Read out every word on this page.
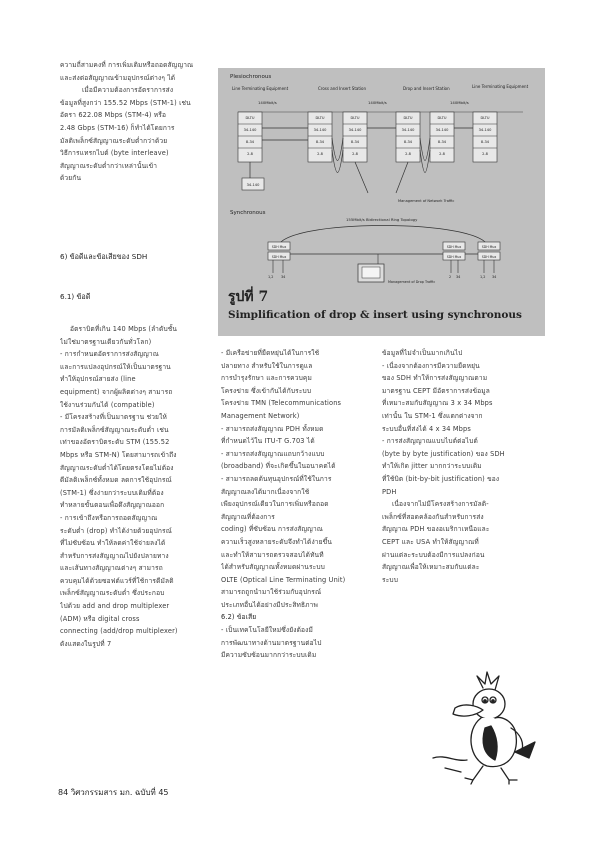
ความถี่สามคงที่ การเพิ่มเติมหรือถอดสัญญาณ

และส่งต่อสัญญาณข้ามอุปกรณ์ต่างๆ ได้

เมื่อมีความต้องการอัตราการส่ง

ข้อมูลที่สูงกว่า 155.52 Mbps (STM-1) เช่น

อัตรา 622.08 Mbps (STM-4) หรือ

2.48 Gbps (STM-16) ก็ทำได้โดยการ

มัลติเพล็กซ์สัญญาณระดับต่ำกว่าด้วย

วิธีการแทรกไบต์ (byte interleave)

สัญญาณระดับต่ำกว่าเหล่านั้นเข้า

ด้วยกัน

6) ข้อดีและข้อเสียของ SDH
6.1) ข้อดี

อัตราบิตที่เกิน 140 Mbps (ลำดับชั้น

ไม่ใช่มาตรฐานเดียวกันทั่วโลก)

- การกำหนดอัตราการส่งสัญญาณ

และการแปลงอุปกรณ์ให้เป็นมาตรฐาน

ทำให้อุปกรณ์สายส่ง (line

equipment) จากผู้ผลิตต่างๆ สามารถ

ใช้งานร่วมกันได้ (compatible)

- มีโครงสร้างที่เป็นมาตรฐาน ช่วยให้

การมัลติเพล็กซ์สัญญาณระดับต่ำ เช่น

เท่าของอัตราบิตระดับ STM (155.52

Mbps หรือ STM-N) โดยสามารถเข้าถึง

สัญญาณระดับต่ำได้โดยตรงโดยไม่ต้อง

ดีมัลติเพล็กซ์ทั้งหมด ลดการใช้อุปกรณ์

(STM-1) ซึ่งง่ายกว่าระบบเดิมที่ต้อง

ทำหลายขั้นตอนเพื่อดึงสัญญาณออก

- การเข้าถึงหรือการถอดสัญญาณ

ระดับต่ำ (drop) ทำได้ง่ายด้วยอุปกรณ์

ที่ไม่ซับซ้อน ทำให้ลดค่าใช้จ่ายลงได้

สำหรับการส่งสัญญาณไปยังปลายทาง

และเส้นทางสัญญาณต่างๆ สามารถ

ควบคุมได้ด้วยซอฟต์แวร์ที่ใช้การดีมัลติ

เพล็กซ์สัญญาณระดับต่ำ ซึ่งประกอบ

ไปด้วย add and drop multiplexer

(ADM) หรือ digital cross

connecting (add/drop multiplexer)

ดังแสดงในรูปที่ 7

Plesiochronous
Line Terminating Equipment	Cross and Insert Station	Drop and Insert Station	Line Terminating Equipment
140Mbit/s	140Mbit/s	140Mbit/s
DLTU
34-140
8-34
2-8
DLTU
34-140
8-34
2-8
DLTU
34-140
8-34
2-8
DLTU
34-140
8-34
2-8
DLTU
34-140
8-34
2-8
DLTU
34-140
8-34
2-8
34-140
Management of Network Traffic
Synchronous
155Mbit/s Bidirectional Ring Topology
SDH Mux
SDH Mux
SDH Mux
SDH Mux
SDH Mux
SDH Mux
Management of Drop Traffic
1,2 34	2 34	1,2 34
รูปที่ 7
Simplification of drop & insert using synchronous

- มีเครือข่ายที่ยืดหยุ่นได้ในการใช้

ปลายทาง สำหรับใช้ในการดูแล

การบำรุงรักษา และการควบคุม

โครงข่าย ซึ่งเข้ากันได้กับระบบ

โครงข่าย TMN (Telecommunications

Management Network)

- สามารถส่งสัญญาณ PDH ทั้งหมด

ที่กำหนดไว้ใน ITU-T G.703 ได้

- สามารถส่งสัญญาณแถบกว้างแบบ

(broadband) ที่จะเกิดขึ้นในอนาคตได้

- สามารถลดต้นทุนอุปกรณ์ที่ใช้ในการ

สัญญาณลงได้มากเนื่องจากใช้

เพียงอุปกรณ์เดียวในการเพิ่มหรือถอด

สัญญาณที่ต้องการ

coding) ที่ซับซ้อน การส่งสัญญาณ

ความเร็วสูงหลายระดับจึงทำได้ง่ายขึ้น

และทำให้สามารถตรวจสอบได้ทันที

ได้สำหรับสัญญาณทั้งหมดผ่านระบบ

OLTE (Optical Line Terminating Unit)

สามารถถูกนำมาใช้ร่วมกับอุปกรณ์

ประเภทอื่นได้อย่างมีประสิทธิภาพ

6.2) ข้อเสีย

- เป็นเทคโนโลยีใหม่ซึ่งยังต้องมี

การพัฒนาทางด้านมาตรฐานต่อไป

มีความซับซ้อนมากกว่าระบบเดิม

ข้อมูลที่ไม่จำเป็นมากเกินไป

- เนื่องจากต้องการมีความยืดหยุ่น

ของ SDH ทำให้การส่งสัญญาณตาม

มาตรฐาน CEPT มีอัตราการส่งข้อมูล

ที่เหมาะสมกับสัญญาณ 3 x 34 Mbps

เท่านั้น ใน STM-1 ซึ่งแตกต่างจาก

ระบบอื่นที่ส่งได้ 4 x 34 Mbps

- การส่งสัญญาณแบบไบต์ต่อไบต์

(byte by byte justification) ของ SDH

ทำให้เกิด jitter มากกว่าระบบเดิม

ที่ใช้บิต (bit-by-bit justification) ของ

PDH

เนื่องจากไม่มีโครงสร้างการมัลติ-

เพล็กซ์ที่สอดคล้องกันสำหรับการส่ง

สัญญาณ PDH ของอเมริกาเหนือและ

CEPT และ USA ทำให้สัญญาณที่

ผ่านแต่ละระบบต้องมีการแปลงก่อน

สัญญาณเพื่อให้เหมาะสมกับแต่ละ

ระบบ

84 วิศวกรรมสาร มก. ฉบับที่ 45
